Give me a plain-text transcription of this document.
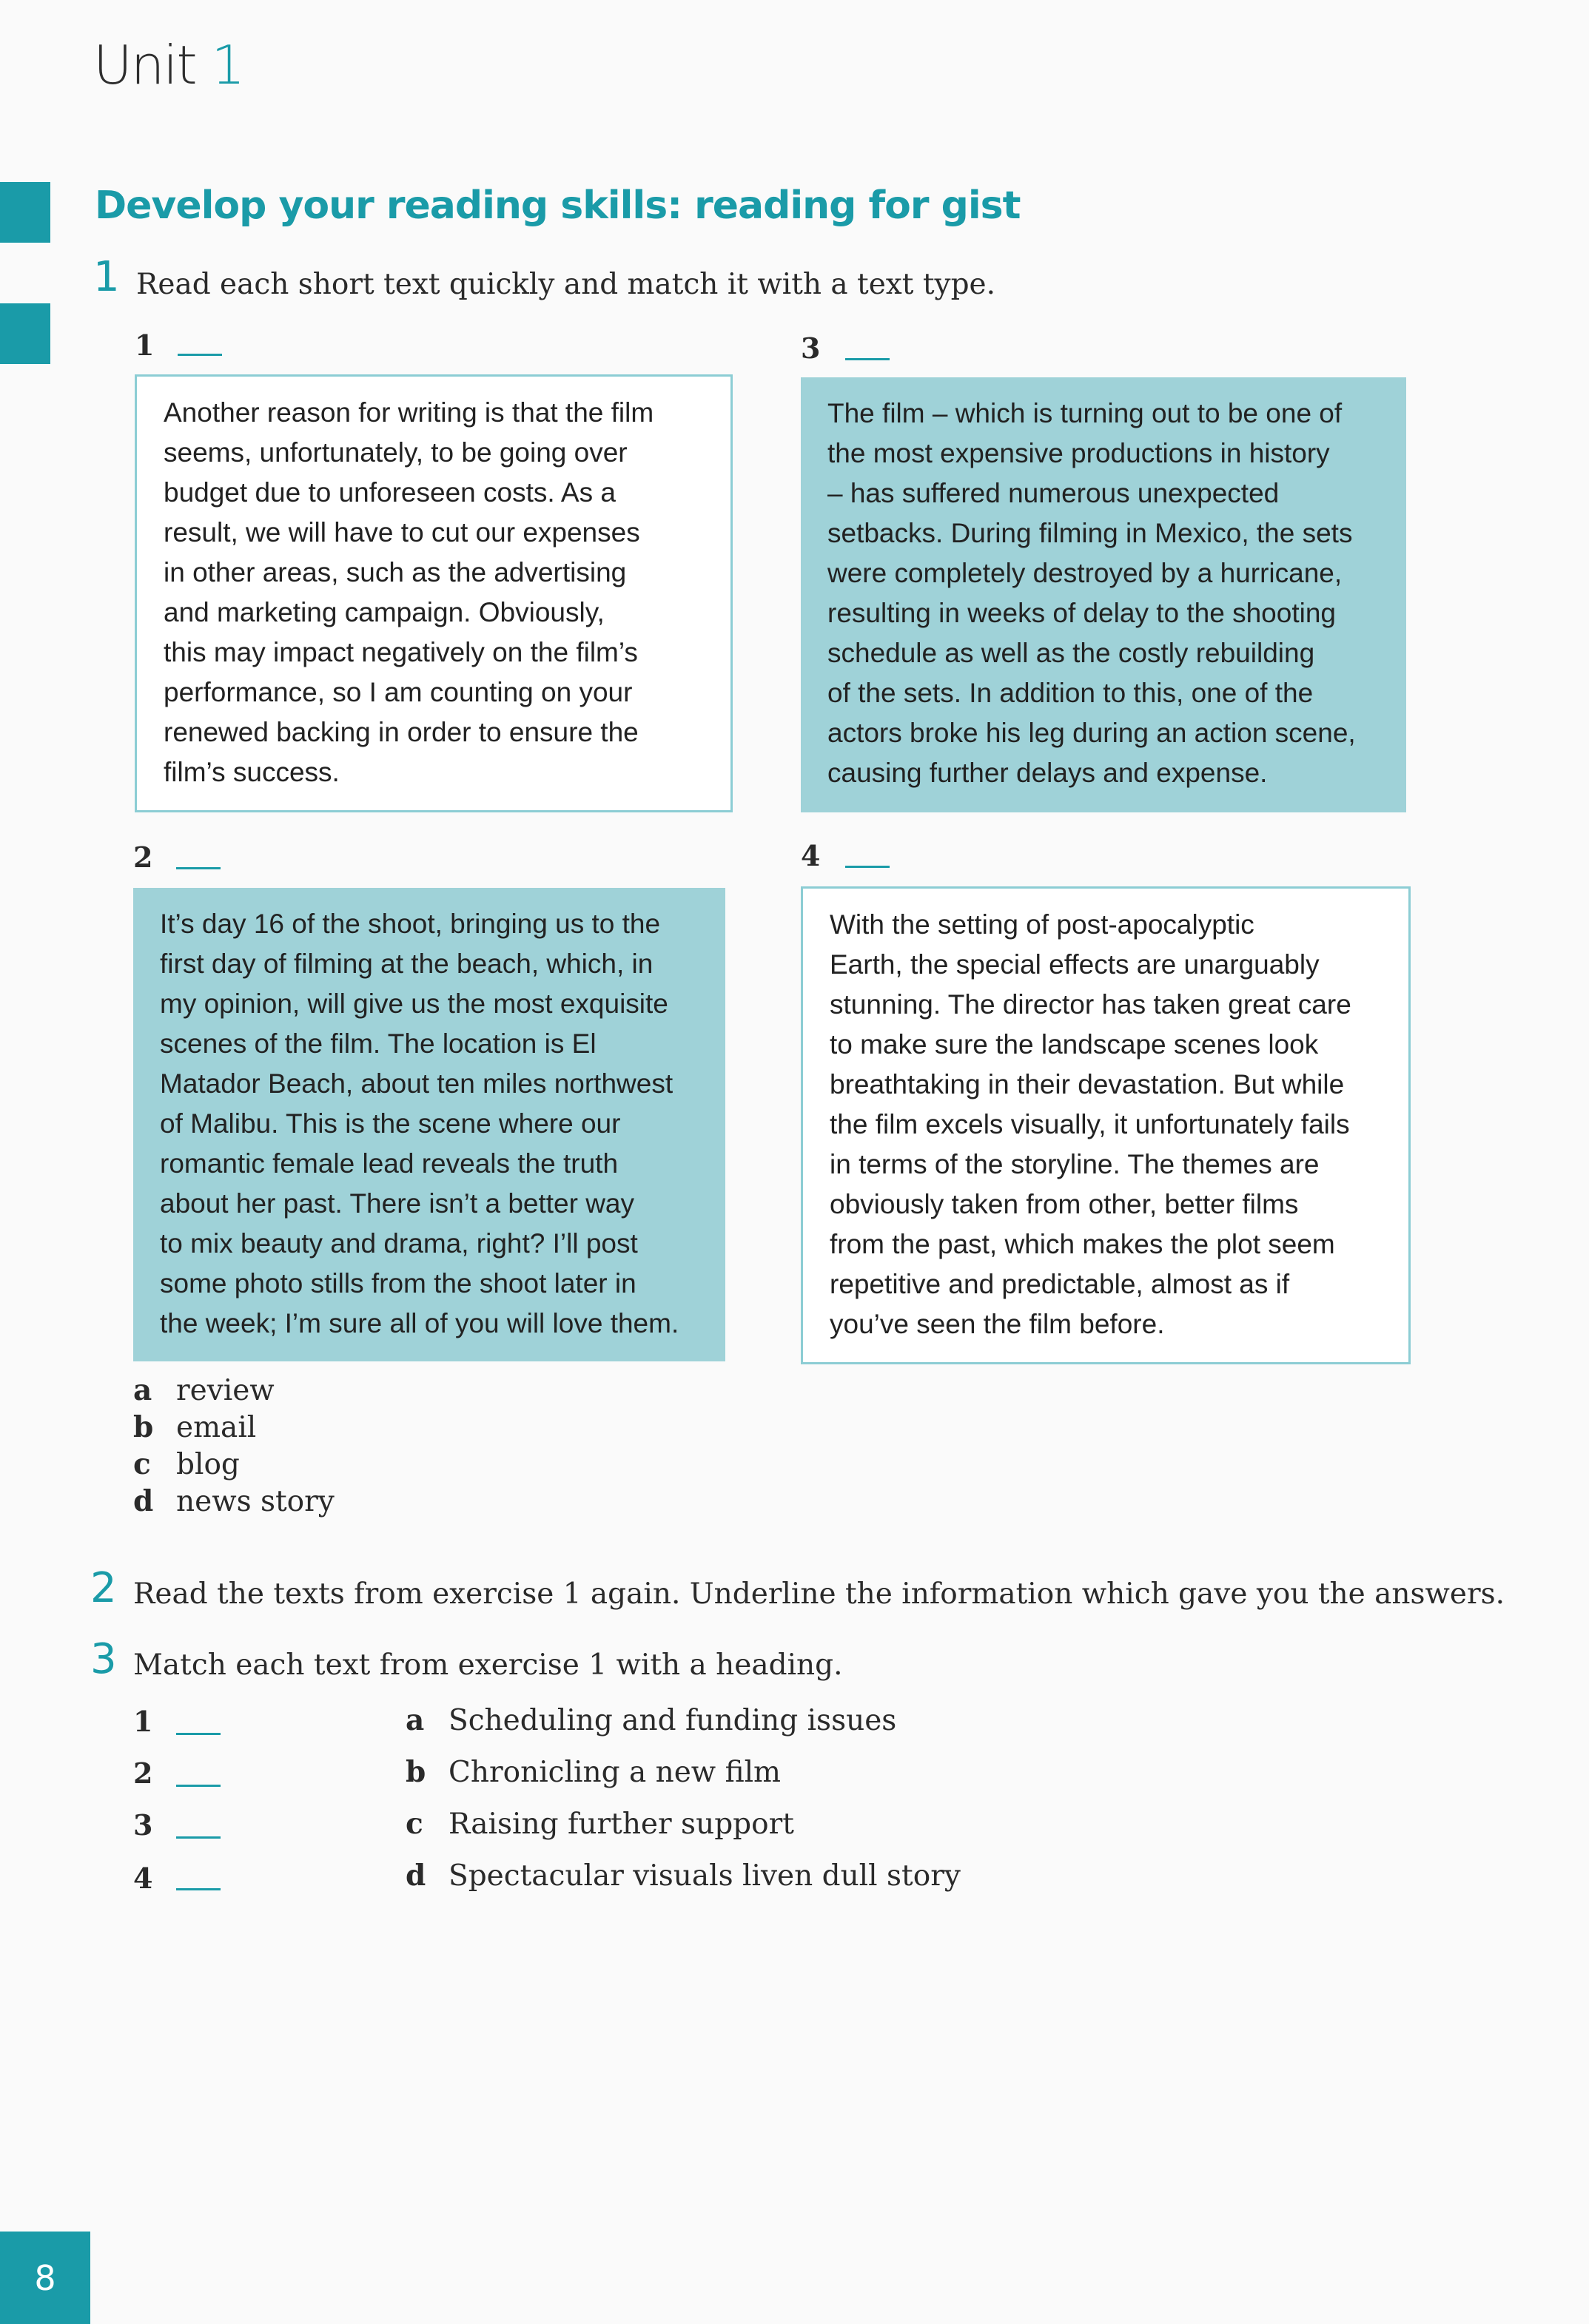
Unit 1
Develop your reading skills: reading for gist
1 Read each short text quickly and match it with a text type.
1
Another reason for writing is that the film
seems, unfortunately, to be going over
budget due to unforeseen costs. As a
result, we will have to cut our expenses
in other areas, such as the advertising
and marketing campaign. Obviously,
this may impact negatively on the film’s
performance, so I am counting on your
renewed backing in order to ensure the
film’s success.
3
The film – which is turning out to be one of
the most expensive productions in history
– has suffered numerous unexpected
setbacks. During filming in Mexico, the sets
were completely destroyed by a hurricane,
resulting in weeks of delay to the shooting
schedule as well as the costly rebuilding
of the sets. In addition to this, one of the
actors broke his leg during an action scene,
causing further delays and expense.
2
It’s day 16 of the shoot, bringing us to the
first day of filming at the beach, which, in
my opinion, will give us the most exquisite
scenes of the film. The location is El
Matador Beach, about ten miles northwest
of Malibu. This is the scene where our
romantic female lead reveals the truth
about her past. There isn’t a better way
to mix beauty and drama, right? I’ll post
some photo stills from the shoot later in
the week; I’m sure all of you will love them.
4
With the setting of post-apocalyptic
Earth, the special effects are unarguably
stunning. The director has taken great care
to make sure the landscape scenes look
breathtaking in their devastation. But while
the film excels visually, it unfortunately fails
in terms of the storyline. The themes are
obviously taken from other, better films
from the past, which makes the plot seem
repetitive and predictable, almost as if
you’ve seen the film before.
a review
b email
c blog
d news story
2 Read the texts from exercise 1 again. Underline the information which gave you the answers.
3 Match each text from exercise 1 with a heading.
1
2
3
4
a Scheduling and funding issues
b Chronicling a new film
c Raising further support
d Spectacular visuals liven dull story
8
